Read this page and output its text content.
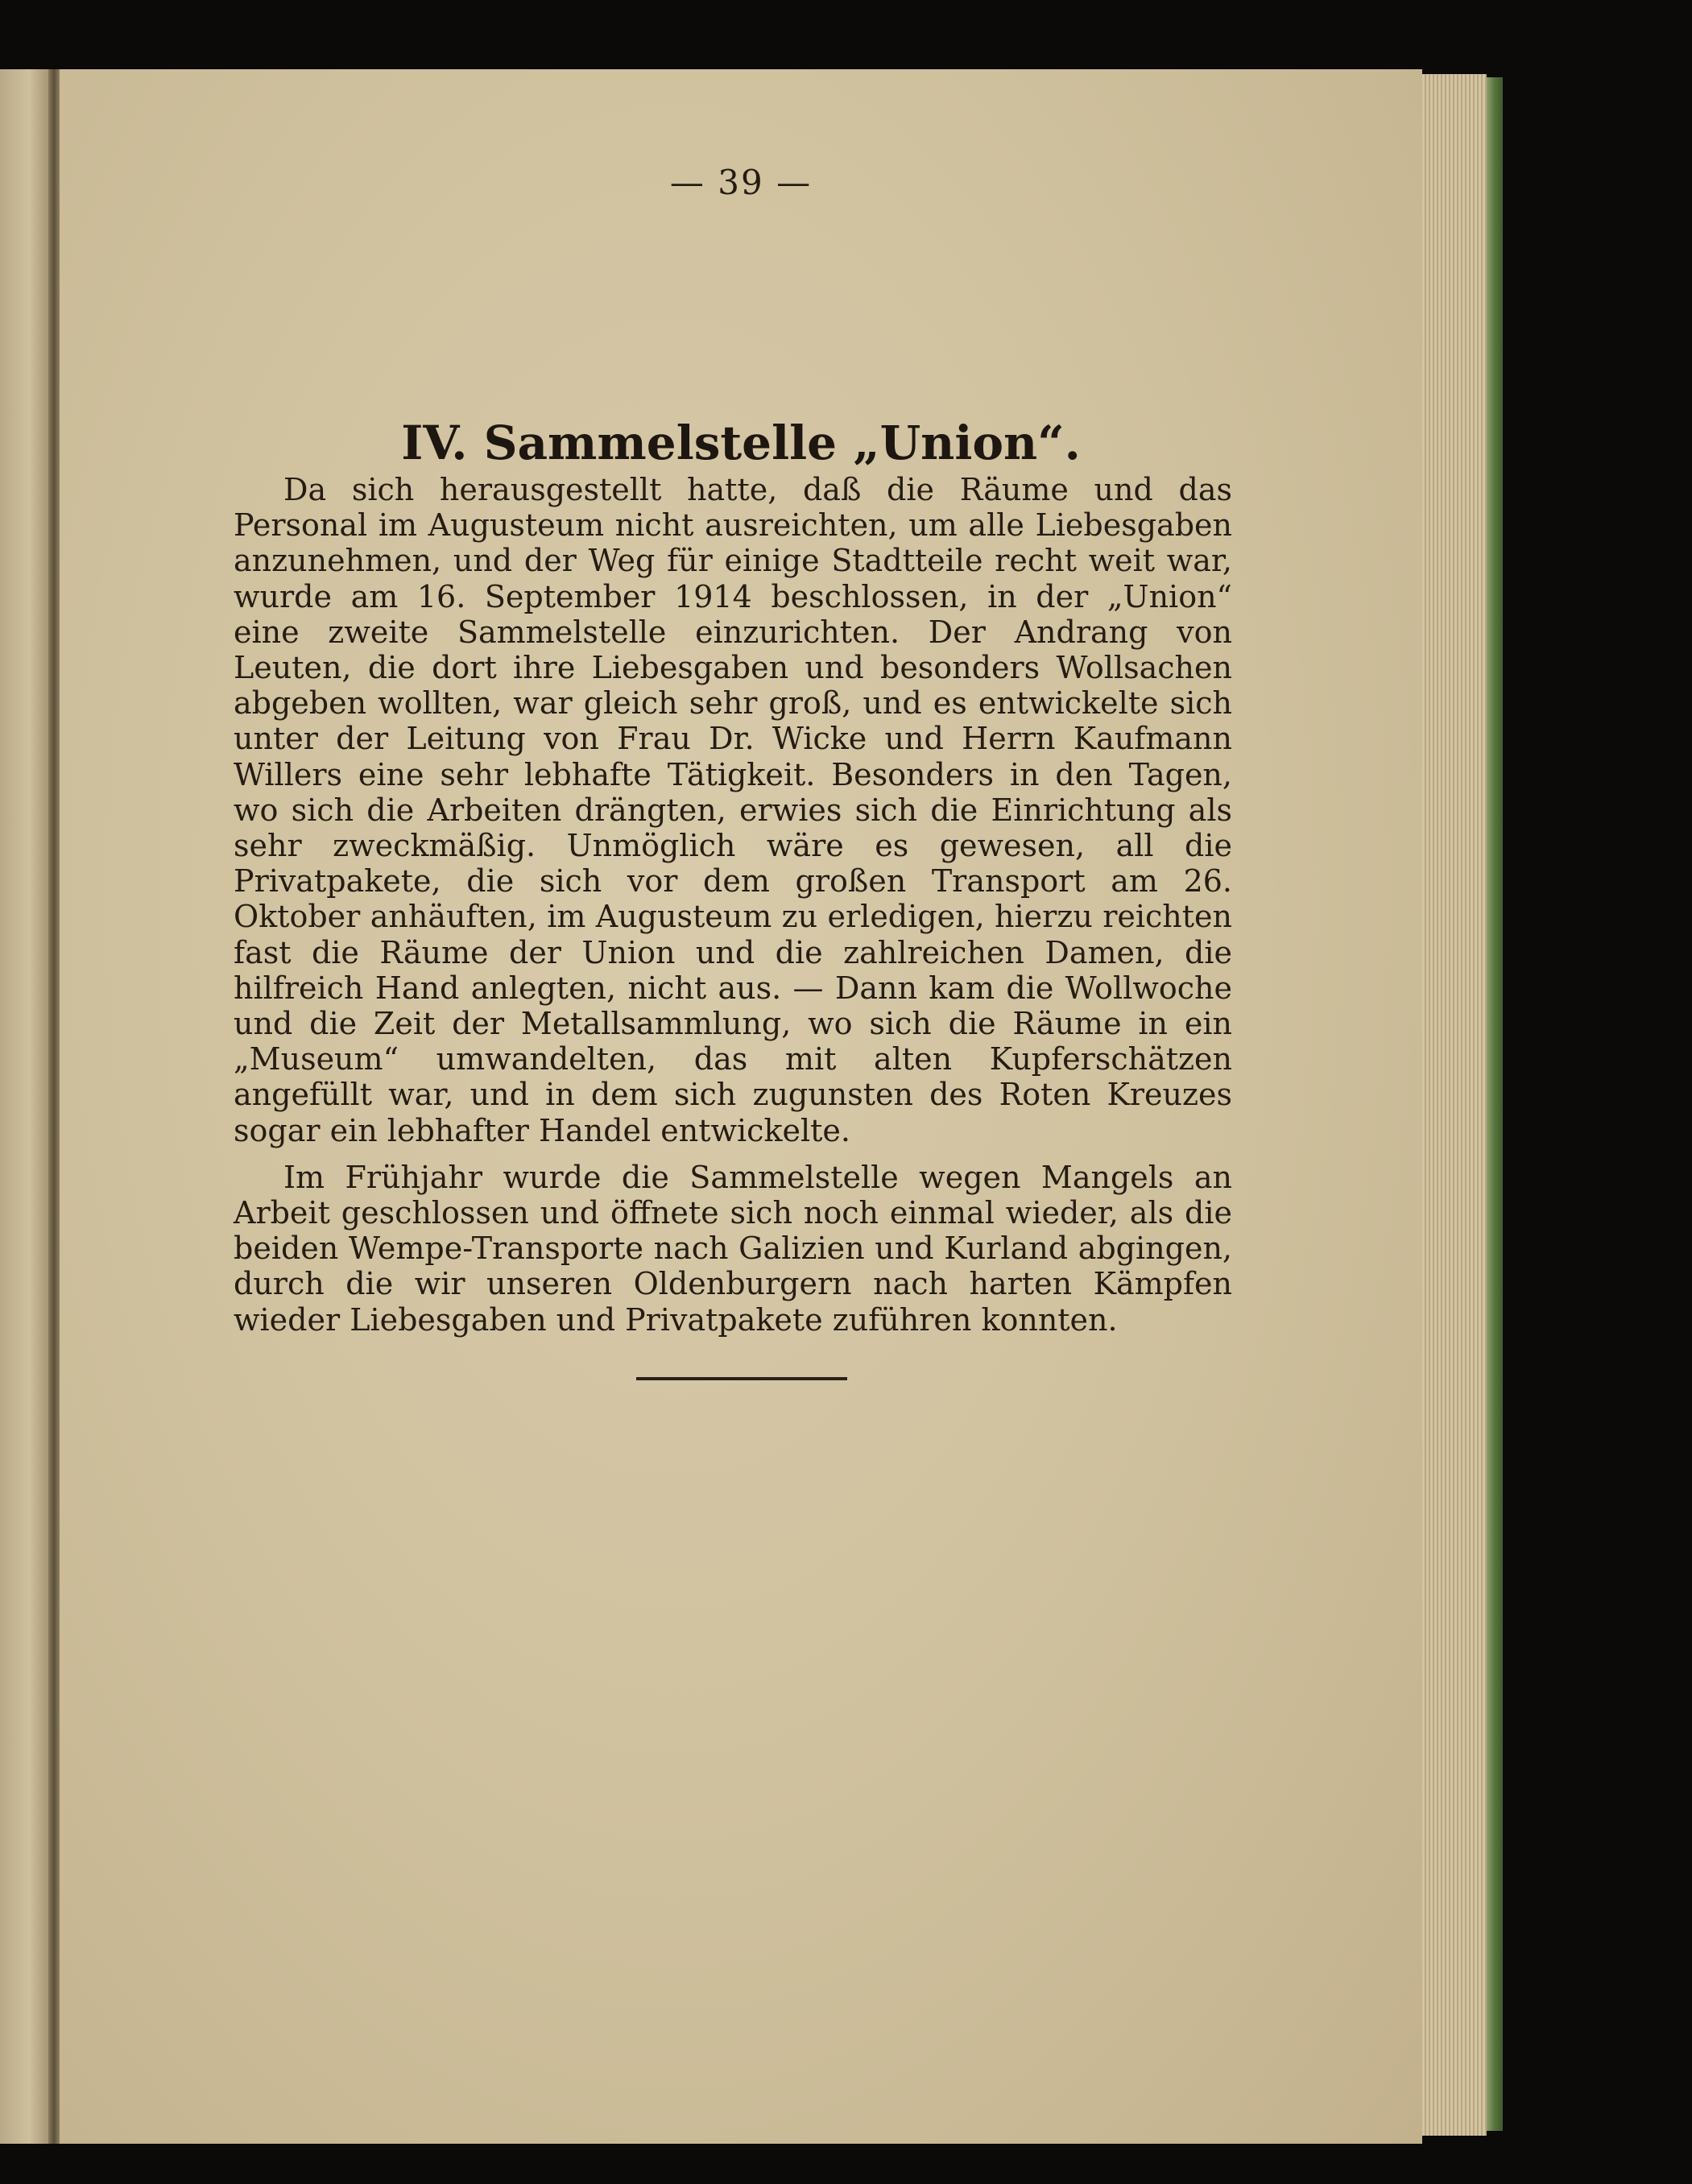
— 39 —
IV. Sammelstelle „Union“.

Da sich herausgestellt hatte, daß die Räume und das Personal im Augusteum nicht ausreichten, um alle Liebesgaben anzunehmen, und der Weg für einige Stadtteile recht weit war, wurde am 16. September 1914 beschlossen, in der „Union“ eine zweite Sammelstelle einzurichten. Der Andrang von Leuten, die dort ihre Liebesgaben und besonders Wollsachen abgeben wollten, war gleich sehr groß, und es entwickelte sich unter der Leitung von Frau Dr. Wicke und Herrn Kaufmann Willers eine sehr lebhafte Tätigkeit. Besonders in den Tagen, wo sich die Arbeiten drängten, erwies sich die Einrichtung als sehr zweckmäßig. Unmöglich wäre es gewesen, all die Privatpakete, die sich vor dem großen Transport am 26. Oktober anhäuften, im Augusteum zu erledigen, hierzu reichten fast die Räume der Union und die zahlreichen Damen, die hilfreich Hand anlegten, nicht aus. — Dann kam die Wollwoche und die Zeit der Metallsammlung, wo sich die Räume in ein „Museum“ umwandelten, das mit alten Kupferschätzen angefüllt war, und in dem sich zugunsten des Roten Kreuzes sogar ein lebhafter Handel entwickelte.

Im Frühjahr wurde die Sammelstelle wegen Mangels an Arbeit geschlossen und öffnete sich noch einmal wieder, als die beiden Wempe-Transporte nach Galizien und Kurland abgingen, durch die wir unseren Oldenburgern nach harten Kämpfen wieder Liebesgaben und Privatpakete zuführen konnten.
